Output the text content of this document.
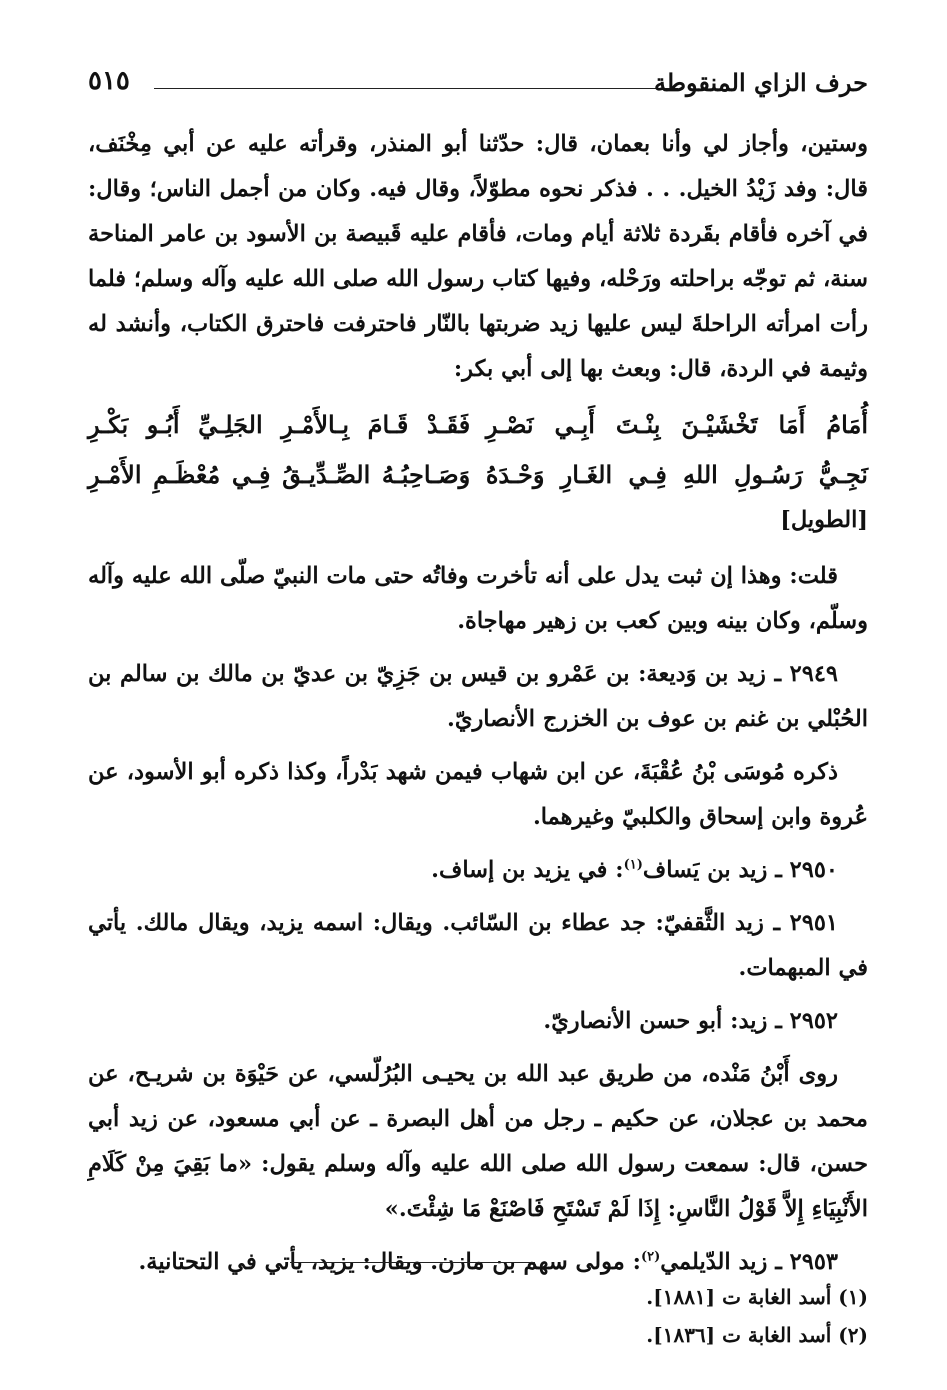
٥١٥	حرف الزاي المنقوطة

وستين، وأجاز لي وأنا بعمان، قال: حدّثنا أبو المنذر، وقرأته عليه عن أبي مِخْنَف، قال: وفد زَيْدُ الخيل. . . فذكر نحوه مطوّلاً، وقال فيه. وكان من أجمل الناس؛ وقال: في آخره فأقام بقَردة ثلاثة أيام ومات، فأقام عليه قَبيصة بن الأسود بن عامر المناحة سنة، ثم توجّه براحلته ورَحْله، وفيها كتاب رسول الله صلى الله عليه وآله وسلم؛ فلما رأت امرأته الراحلةَ ليس عليها زيد ضربتها بالنّار فاحترفت فاحترق الكتاب، وأنشد له وثيمة في الردة، قال: وبعث بها إلى أبي بكر:

أُمَامُ أَمَا تَخْشَيْـنَ بِنْـتَ أَبِـي نَصْـرِ
فَقَـدْ قَـامَ بِـالأَمْـرِ الجَلِـيِّ أَبُـو بَكْـرِ
نَجِـيُّ رَسُـولِ اللهِ فِـي الغَـارِ وَحْـدَهُ
وَصَـاحِبُـهُ الصِّـدِّيـقُ فِـي مُعْظَـمِ الأَمْـرِ
[الطويل]

قلت: وهذا إن ثبت يدل على أنه تأخرت وفاتُه حتى مات النبيّ صلّى الله عليه وآله وسلّم، وكان بينه وبين كعب بن زهير مهاجاة.

٢٩٤٩ ـ زيد بن وَديعة: بن عَمْرو بن قيس بن جَزِيّ بن عديّ بن مالك بن سالم بن الحُبْلي بن غنم بن عوف بن الخزرج الأنصاريّ.

ذكره مُوسَى بْنُ عُقْبَةَ، عن ابن شهاب فيمن شهد بَدْراً، وكذا ذكره أبو الأسود، عن عُروة وابن إسحاق والكلبيّ وغيرهما.

٢٩٥٠ ـ زيد بن يَساف$^{(١)}$: في يزيد بن إساف.

٢٩٥١ ـ زيد الثَّقفيّ: جد عطاء بن السّائب. ويقال: اسمه يزيد، ويقال مالك. يأتي في المبهمات.

٢٩٥٢ ـ زيد: أبو حسن الأنصاريّ.

روى أَبْنُ مَنْده، من طريق عبد الله بن يحيـى البُرُلّسي، عن حَيْوَة بن شريـح، عن محمد بن عجلان، عن حكيم ـ رجل من أهل البصرة ـ عن أبي مسعود، عن زيد أبي حسن، قال: سمعت رسول الله صلى الله عليه وآله وسلم يقول: «ما بَقِيَ مِنْ كَلَامِ الأَنْبِيَاءِ إِلاَّ قَوْلُ النَّاسِ: إِذَا لَمْ تَسْتَحِ فَاصْنَعْ مَا شِئْتَ.»

٢٩٥٣ ـ زيد الدّيلمي$^{(٢)}$: مولى سهم بن مازن. ويقال: يزيد، يأتي في التحتانية.

(١) أسد الغابة ت [١٨٨١].
(٢) أسد الغابة ت [١٨٣٦].
